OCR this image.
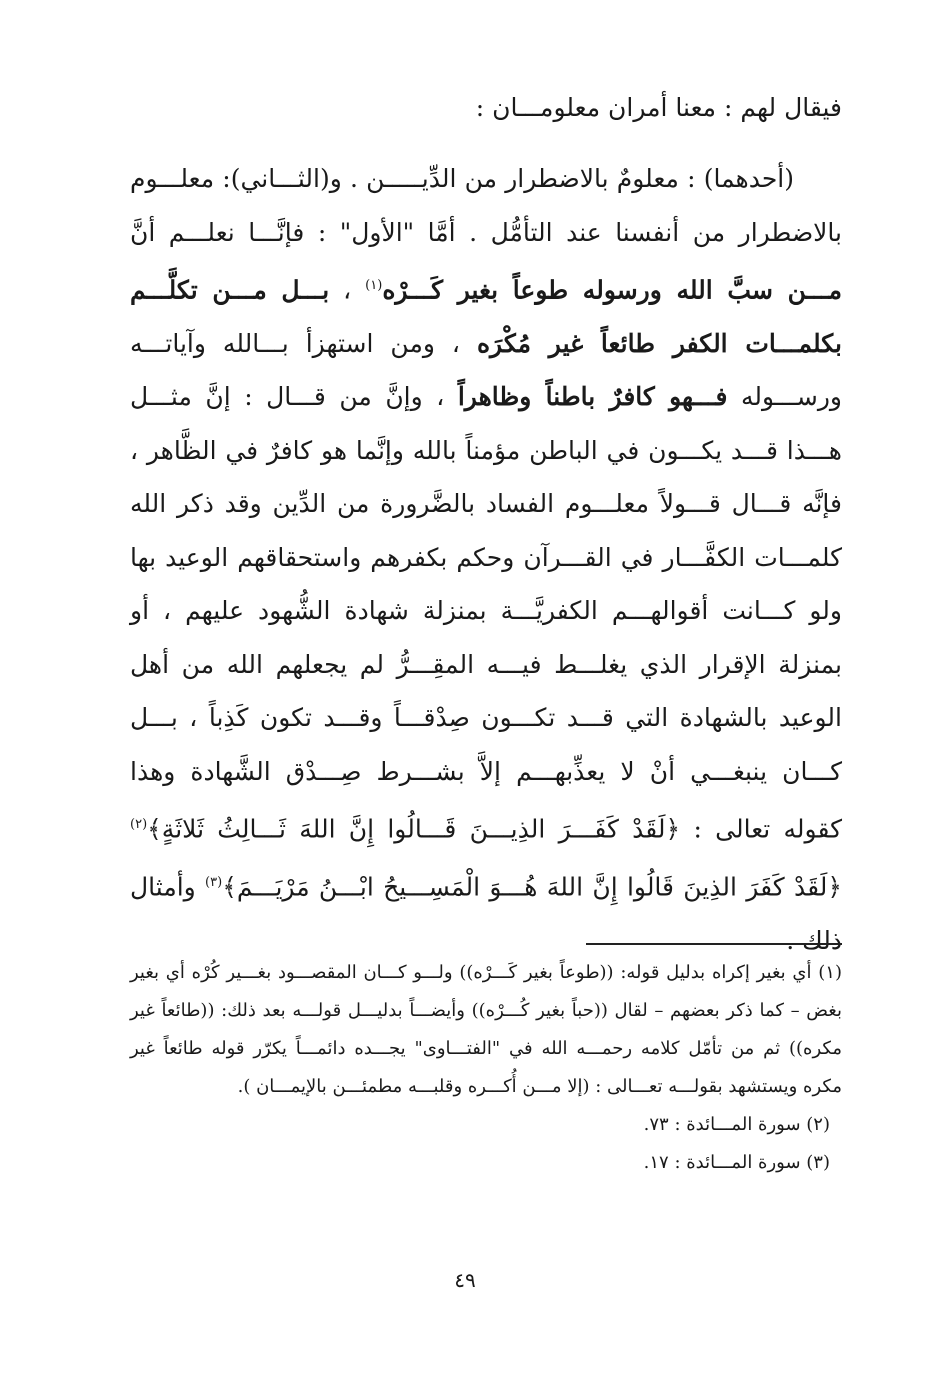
فيقال لهم : معنا أمران معلومـــان :

(أحدهما) : معلومٌ بالاضطرار من الدِّيـــــن . و(الثـــاني): معلـــوم بالاضطرار من أنفسنا عند التأمُّل . أمَّا "الأول" : فإنَّـــا نعلـــم أنَّ مـــن سبَّ الله ورسوله طوعاً بغير كَـــرْه$^{(١)}$ ، بـــل مـــن تكلَّـــم بكلمـــات الكفر طائعاً غير مُكْرَه ، ومن استهزأ بـــالله وآياتـــه ورســـوله فـــهو كافرٌ باطناً وظاهراً ، وإنَّ من قـــال : إنَّ مثـــل هـــذا قـــد يكـــون في الباطن مؤمناً بالله وإنَّما هو كافرٌ في الظَّاهر ، فإنَّه قـــال قـــولاً معلـــوم الفساد بالضَّرورة من الدِّين وقد ذكر الله كلمـــات الكفَّـــار في القـــرآن وحكم بكفرهم واستحقاقهم الوعيد بها ولو كـــانت أقوالهـــم الكفريَّـــة بمنزلة شهادة الشُّهود عليهم ، أو بمنزلة الإقرار الذي يغلـــط فيـــه المقِـــرُّ لم يجعلهم الله من أهل الوعيد بالشهادة التي قـــد تكـــون صِدْقـــاً وقـــد تكون كَذِباً ، بـــل كـــان ينبغـــي أنْ لا يعذِّبهـــم إلاَّ بشـــرط صِـــدْق الشَّهادة وهذا كقوله تعالى : ﴿لَقَدْ كَفَـــرَ الذِيـــنَ قَـــالُوا إِنَّ اللهَ ثَـــالِثُ ثَلاثَةٍ﴾$^{(٢)}$ ﴿لَقَدْ كَفَرَ الذِينَ قَالُوا إِنَّ اللهَ هُـــوَ الْمَسِـــيحُ ابْـــنُ مَرْيَـــمَ﴾$^{(٣)}$ وأمثال ذلك .

(١) أي بغير إكراه بدليل قوله: ((طوعاً بغير كَـــرْه)) ولـــو كـــان المقصـــود بغـــير كُرْه أي بغير بغض – كما ذكر بعضهم – لقال ((حباً بغير كُـــرْه)) وأيضـــاً بدليـــل قولـــه بعد ذلك: ((طائعاً غير مكره)) ثم من تأمّل كلامه رحمـــه الله في "الفتـــاوى" يجـــده دائمـــاً يكرّر قوله طائعاً غير مكره ويستشهد بقولـــه تعـــالى : (إلا مـــن أُكـــره وقلبـــه مطمئـــن بالإيمـــان ).
(٢) سورة المـــائدة : ٧٣.
(٣) سورة المـــائدة : ١٧.
٤٩
